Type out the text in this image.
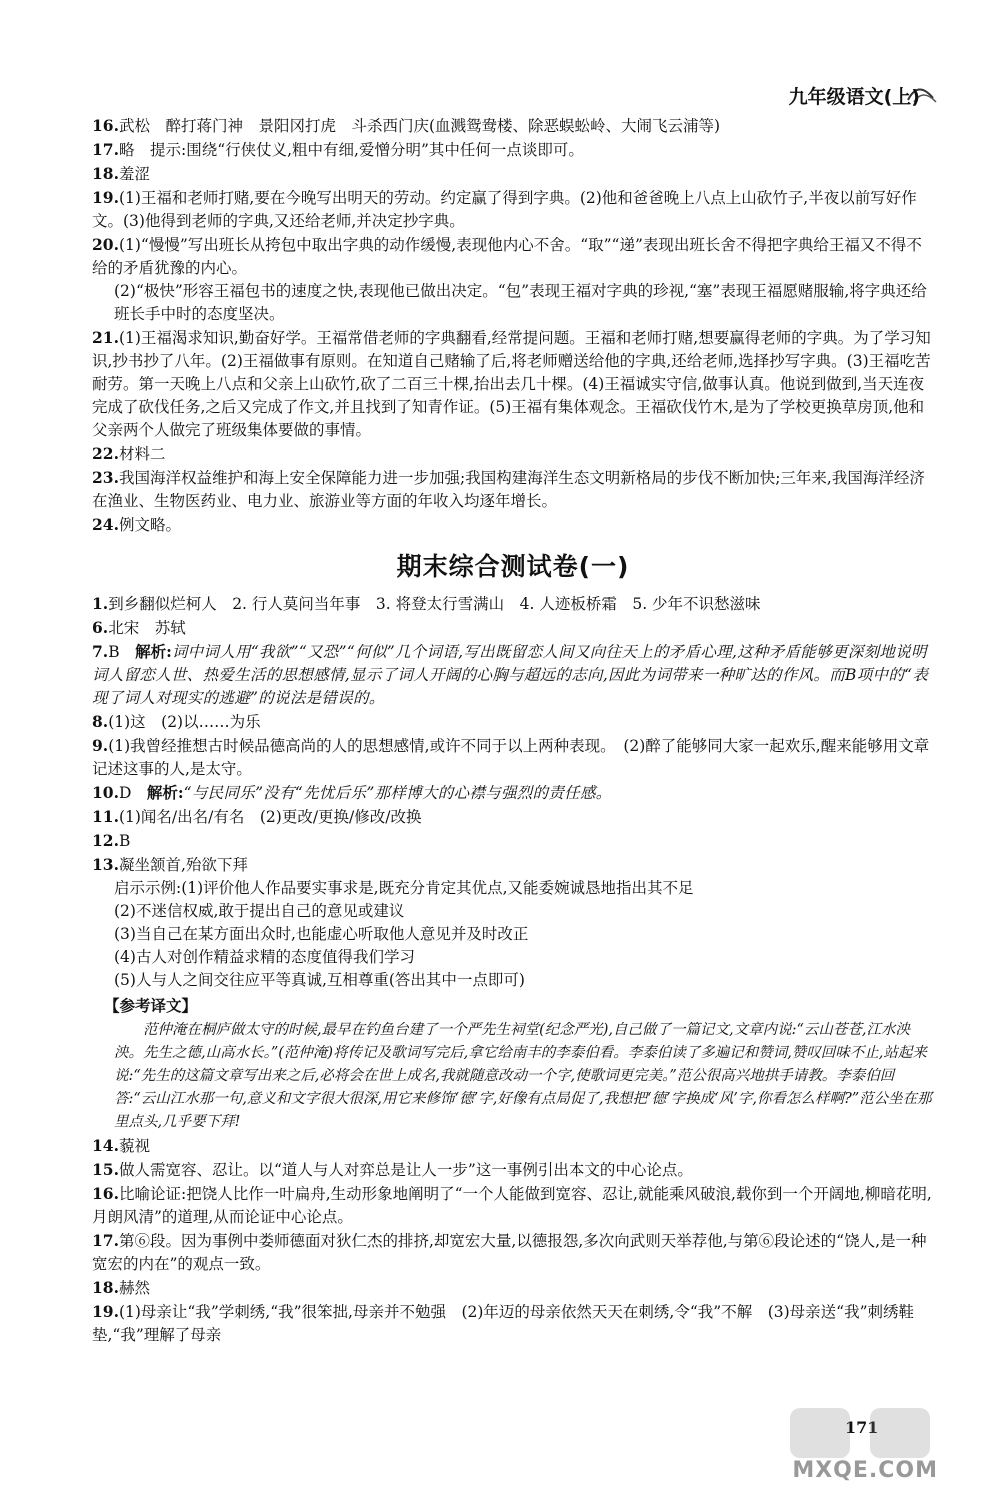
九年级语文(上)
16.武松　醉打蒋门神　景阳冈打虎　斗杀西门庆(血溅鸳鸯楼、除恶蜈蚣岭、大闹飞云浦等)
17.略　提示:围绕“行侠仗义,粗中有细,爱憎分明”其中任何一点谈即可。
18.羞涩
19.(1)王福和老师打赌,要在今晚写出明天的劳动。约定赢了得到字典。(2)他和爸爸晚上八点上山砍竹子,半夜以前写好作文。(3)他得到老师的字典,又还给老师,并决定抄字典。
20.(1)“慢慢”写出班长从挎包中取出字典的动作缓慢,表现他内心不舍。“取”“递”表现出班长舍不得把字典给王福又不得不给的矛盾犹豫的内心。
(2)“极快”形容王福包书的速度之快,表现他已做出决定。“包”表现王福对字典的珍视,“塞”表现王福愿赌服输,将字典还给班长手中时的态度坚决。
21.(1)王福渴求知识,勤奋好学。王福常借老师的字典翻看,经常提问题。王福和老师打赌,想要赢得老师的字典。为了学习知识,抄书抄了八年。(2)王福做事有原则。在知道自己赌输了后,将老师赠送给他的字典,还给老师,选择抄写字典。(3)王福吃苦耐劳。第一天晚上八点和父亲上山砍竹,砍了二百三十棵,抬出去几十棵。(4)王福诚实守信,做事认真。他说到做到,当天连夜完成了砍伐任务,之后又完成了作文,并且找到了知青作证。(5)王福有集体观念。王福砍伐竹木,是为了学校更换草房顶,他和父亲两个人做完了班级集体要做的事情。
22.材料二
23.我国海洋权益维护和海上安全保障能力进一步加强;我国构建海洋生态文明新格局的步伐不断加快;三年来,我国海洋经济在渔业、生物医药业、电力业、旅游业等方面的年收入均逐年增长。
24.例文略。
期末综合测试卷(一)
1.到乡翻似烂柯人　2. 行人莫问当年事　3. 将登太行雪满山　4. 人迹板桥霜　5. 少年不识愁滋味
6.北宋　苏轼
7.B　解析:词中词人用“我欲”“又恐”“何似”几个词语,写出既留恋人间又向往天上的矛盾心理,这种矛盾能够更深刻地说明词人留恋人世、热爱生活的思想感情,显示了词人开阔的心胸与超远的志向,因此为词带来一种旷达的作风。而B项中的“表现了词人对现实的逃避”的说法是错误的。
8.(1)这　(2)以……为乐
9.(1)我曾经推想古时候品德高尚的人的思想感情,或许不同于以上两种表现。　(2)醉了能够同大家一起欢乐,醒来能够用文章记述这事的人,是太守。
10.D　解析:“与民同乐”没有“先忧后乐”那样博大的心襟与强烈的责任感。
11.(1)闻名/出名/有名　(2)更改/更换/修改/改换
12.B
13.凝坐颔首,殆欲下拜
启示示例:(1)评价他人作品要实事求是,既充分肯定其优点,又能委婉诚恳地指出其不足
(2)不迷信权威,敢于提出自己的意见或建议
(3)当自己在某方面出众时,也能虚心听取他人意见并及时改正
(4)古人对创作精益求精的态度值得我们学习
(5)人与人之间交往应平等真诚,互相尊重(答出其中一点即可)
【参考译文】
范仲淹在桐庐做太守的时候,最早在钓鱼台建了一个严先生祠堂(纪念严光),自己做了一篇记文,文章内说:“云山苍苍,江水泱泱。先生之德,山高水长。”(范仲淹)将传记及歌词写完后,拿它给南丰的李泰伯看。李泰伯读了多遍记和赞词,赞叹回味不止,站起来说:“先生的这篇文章写出来之后,必将会在世上成名,我就随意改动一个字,使歌词更完美。”范公很高兴地拱手请教。李泰伯回答:“云山江水那一句,意义和文字很大很深,用它来修饰‘德’字,好像有点局促了,我想把‘德’字换成‘风’字,你看怎么样啊?”范公坐在那里点头,几乎要下拜!
14.藐视
15.做人需宽容、忍让。以“道人与人对弈总是让人一步”这一事例引出本文的中心论点。
16.比喻论证:把饶人比作一叶扁舟,生动形象地阐明了“一个人能做到宽容、忍让,就能乘风破浪,载你到一个开阔地,柳暗花明,月朗风清”的道理,从而论证中心论点。
17.第⑥段。因为事例中娄师德面对狄仁杰的排挤,却宽宏大量,以德报怨,多次向武则天举荐他,与第⑥段论述的“饶人,是一种宽宏的内在”的观点一致。
18.赫然
19.(1)母亲让“我”学刺绣,“我”很笨拙,母亲并不勉强　(2)年迈的母亲依然天天在刺绣,令“我”不解　(3)母亲送“我”刺绣鞋垫,“我”理解了母亲
171
MXQE.COM
